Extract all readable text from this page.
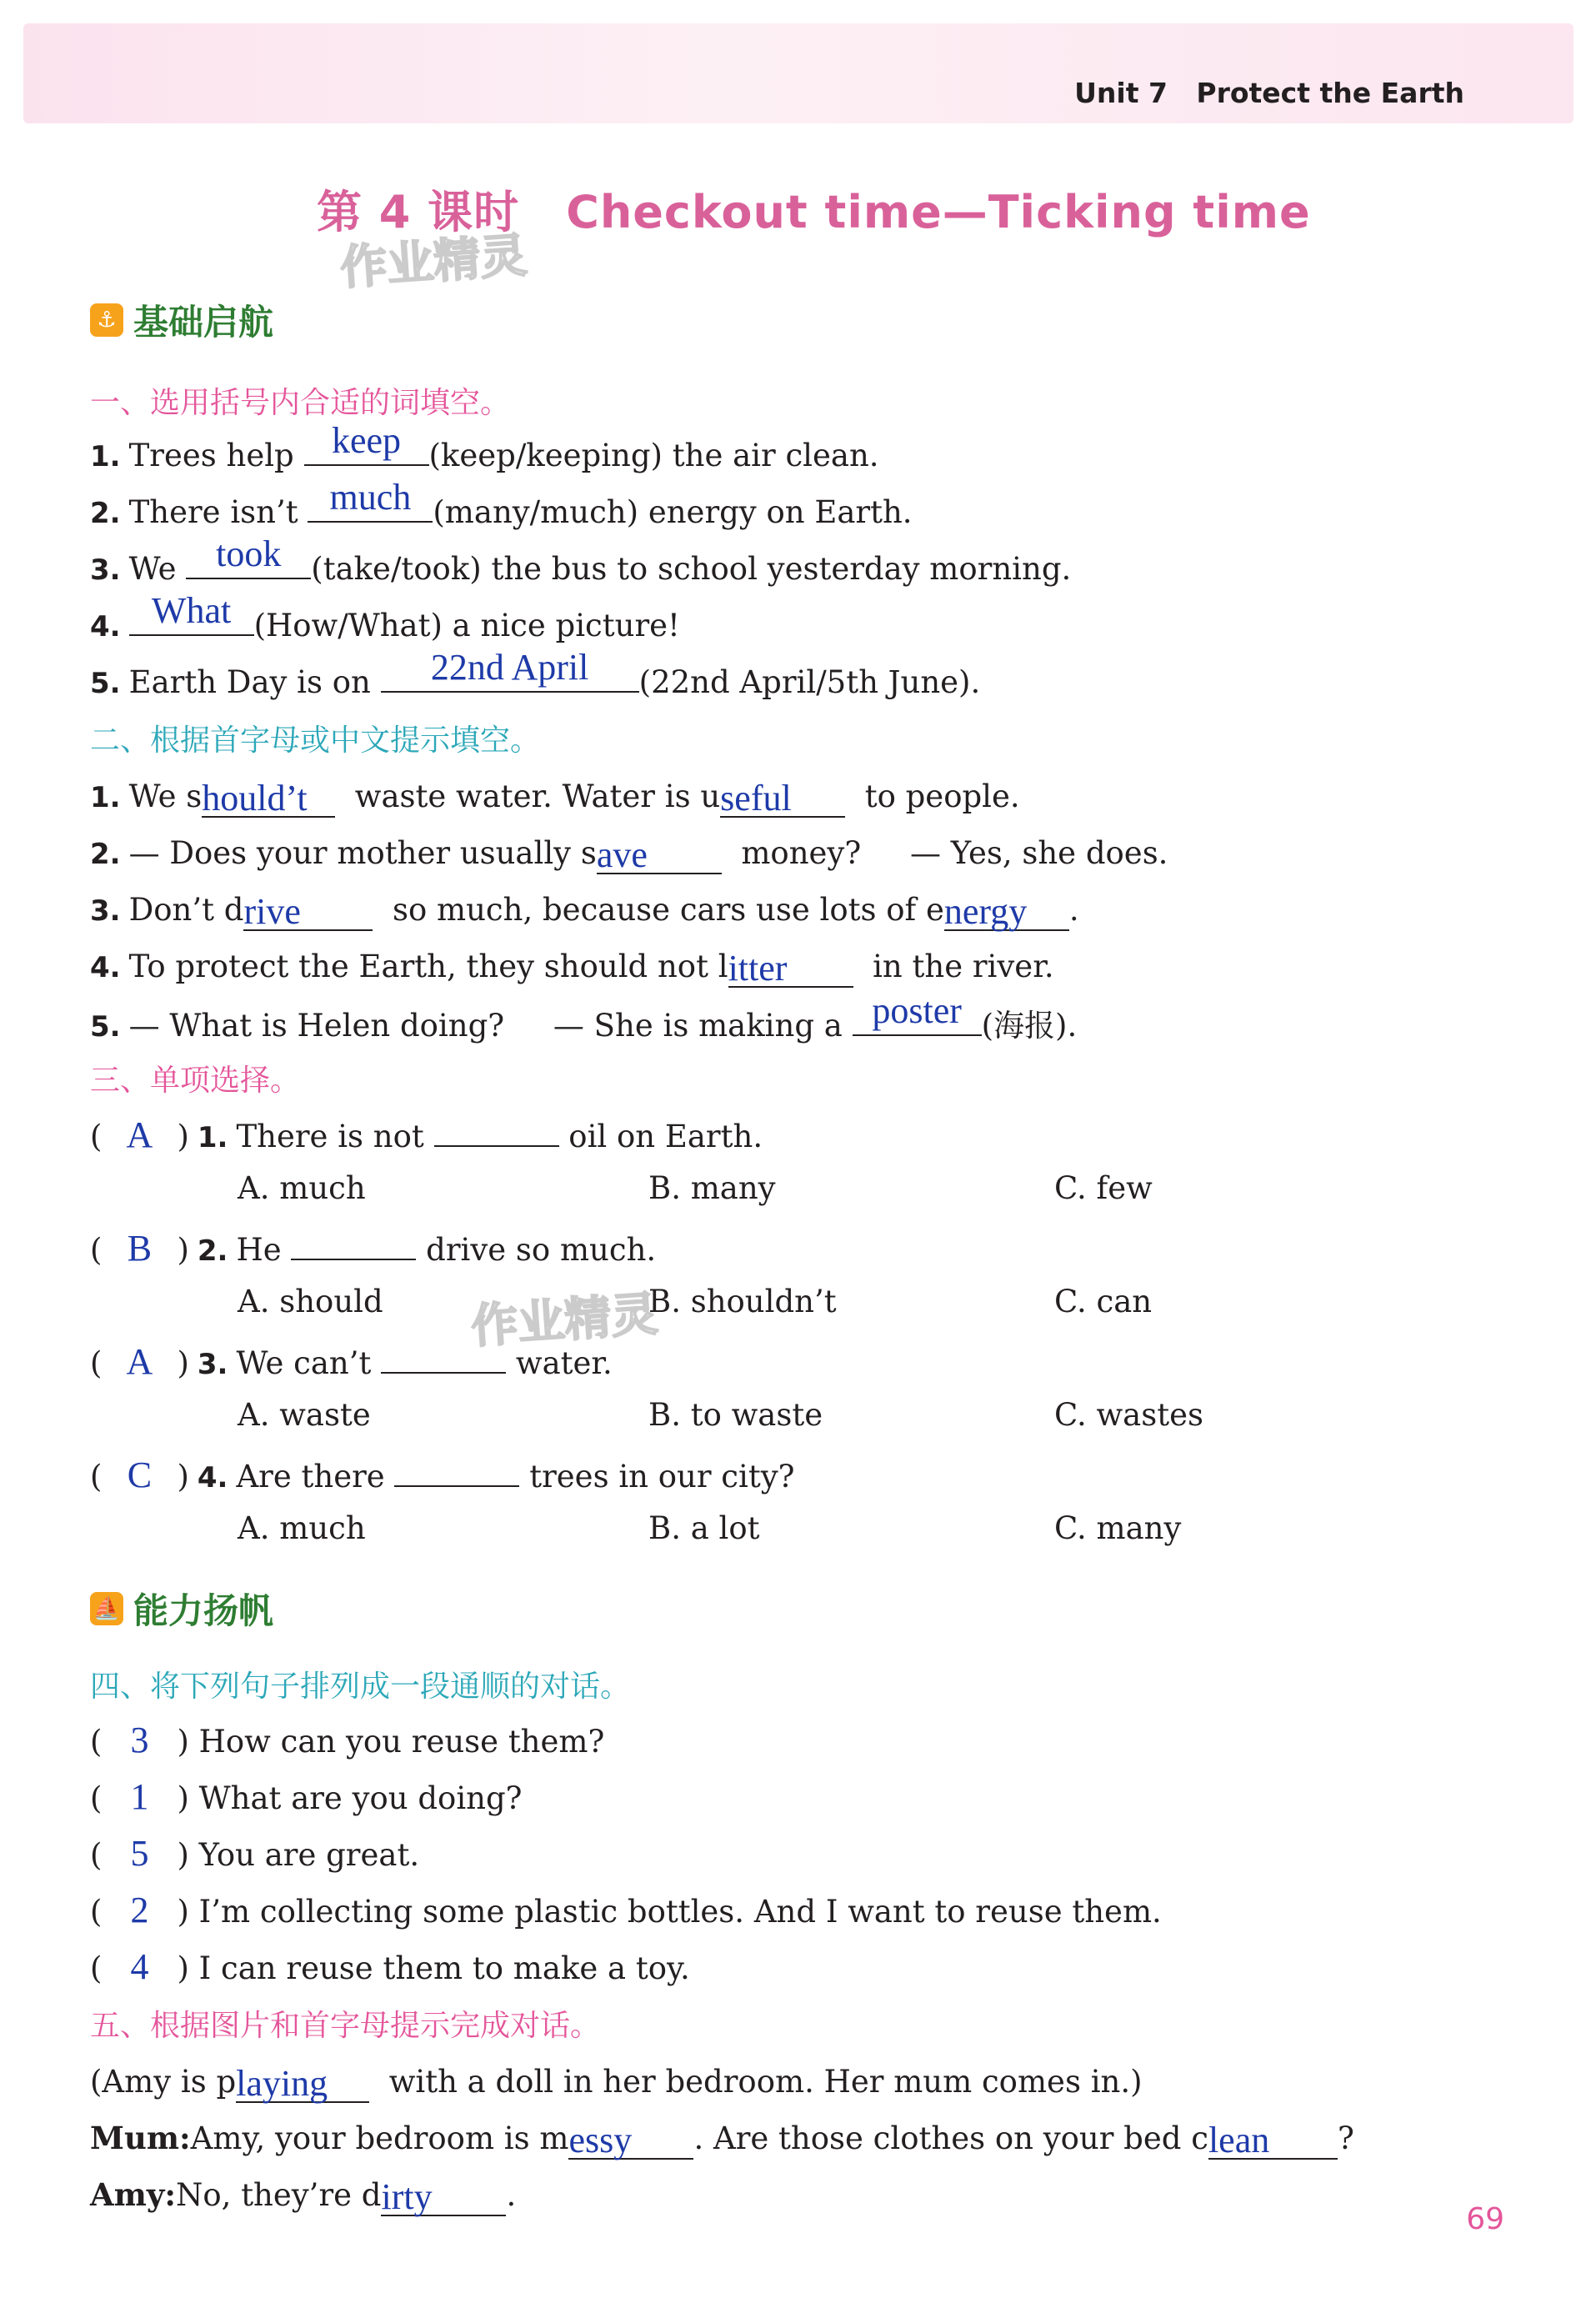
Unit 7 Protect the Earth
第 4 课时 Checkout time—Ticking time
作业精灵
作业精灵
⚓ 基础启航
一、选用括号内合适的词填空。
1. Trees help	keep (keep/keeping) the air clean.
2. There isn’t much (many/much) energy on Earth.
3. We	took (take/took) the bus to school yesterday morning.
4. What (How/What) a nice picture!
5. Earth Day is on	22nd April	(22nd April/5th June).
二、根据首字母或中文提示填空。
1. We should’t waste water. Water is useful to people.
2. — Does your mother usually save	money? — Yes, she does.
3. Don’t drive	so much, because cars use lots of energy .
4. To protect the Earth, they should not litter	in the river.
5. — What is Helen doing? — She is making a poster (海报).
三、单项选择。
( A ) 1. There is not	oil on Earth.
A. much	B. many	C. few
( B ) 2. He	drive so much.
A. should	B. shouldn’t	C. can
( A ) 3. We can’t	water.
A. waste	B. to waste	C. wastes
( C ) 4. Are there	trees in our city?
A. much	B. a lot	C. many
⛵ 能力扬帆
四、将下列句子排列成一段通顺的对话。
( 3 ) How can you reuse them?
( 1 ) What are you doing?
( 5 ) You are great.
( 2 ) I’m collecting some plastic bottles. And I want to reuse them.
( 4 ) I can reuse them to make a toy.
五、根据图片和首字母提示完成对话。
(Amy is playing with a doll in her bedroom. Her mum comes in.)
Mum:Amy, your bedroom is messy . Are those clothes on your bed clean ?
Amy:No, they’re dirty .
69
